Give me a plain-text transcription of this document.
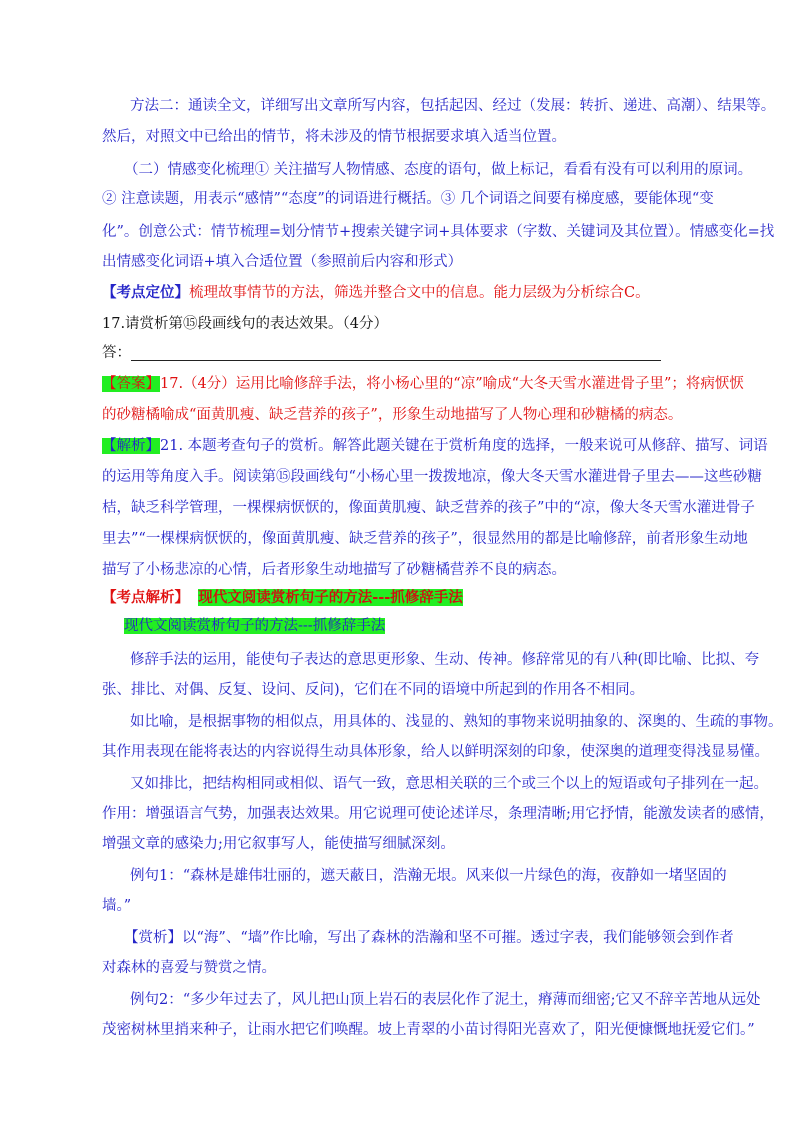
方法二：通读全文，详细写出文章所写内容，包括起因、经过（发展：转折、递进、高潮）、结果等。
然后，对照文中已给出的情节，将未涉及的情节根据要求填入适当位置。
（二）情感变化梳理① 关注描写人物情感、态度的语句，做上标记，看看有没有可以利用的原词。
② 注意读题，用表示“感情”“态度”的词语进行概括。③ 几个词语之间要有梯度感，要能体现“变
化”。创意公式：情节梳理=划分情节+搜索关键字词+具体要求（字数、关键词及其位置）。情感变化=找
出情感变化词语+填入合适位置（参照前后内容和形式）
【考点定位】梳理故事情节的方法，筛选并整合文中的信息。能力层级为分析综合C。
17.请赏析第⑮段画线句的表达效果。（4分）
答：
【答案】17.（4分）运用比喻修辞手法，将小杨心里的“凉”喻成“大冬天雪水灌进骨子里”；将病恹恹
的砂糖橘喻成“面黄肌瘦、缺乏营养的孩子”，形象生动地描写了人物心理和砂糖橘的病态。
【解析】21. 本题考查句子的赏析。解答此题关键在于赏析角度的选择，一般来说可从修辞、描写、词语
的运用等角度入手。阅读第⑮段画线句“小杨心里一拨拨地凉，像大冬天雪水灌进骨子里去——这些砂糖
桔，缺乏科学管理，一棵棵病恹恹的，像面黄肌瘦、缺乏营养的孩子”中的“凉，像大冬天雪水灌进骨子
里去”“一棵棵病恹恹的，像面黄肌瘦、缺乏营养的孩子”，很显然用的都是比喻修辞，前者形象生动地
描写了小杨悲凉的心情，后者形象生动地描写了砂糖橘营养不良的病态。
【考点解析】 现代文阅读赏析句子的方法---抓修辞手法
现代文阅读赏析句子的方法---抓修辞手法
修辞手法的运用，能使句子表达的意思更形象、生动、传神。修辞常见的有八种(即比喻、比拟、夸
张、排比、对偶、反复、设问、反问)，它们在不同的语境中所起到的作用各不相同。
如比喻，是根据事物的相似点，用具体的、浅显的、熟知的事物来说明抽象的、深奥的、生疏的事物。
其作用表现在能将表达的内容说得生动具体形象，给人以鲜明深刻的印象，使深奥的道理变得浅显易懂。
又如排比，把结构相同或相似、语气一致，意思相关联的三个或三个以上的短语或句子排列在一起。
作用：增强语言气势，加强表达效果。用它说理可使论述详尽，条理清晰;用它抒情，能激发读者的感情，
增强文章的感染力;用它叙事写人，能使描写细腻深刻。
例句1：“森林是雄伟壮丽的，遮天蔽日，浩瀚无垠。风来似一片绿色的海，夜静如一堵坚固的
墙。”
【赏析】以“海”、“墙”作比喻，写出了森林的浩瀚和坚不可摧。透过字表，我们能够领会到作者
对森林的喜爱与赞赏之情。
例句2：“多少年过去了，风儿把山顶上岩石的表层化作了泥土，瘠薄而细密;它又不辞辛苦地从远处
茂密树林里捎来种子，让雨水把它们唤醒。坡上青翠的小苗讨得阳光喜欢了，阳光便慷慨地抚爱它们。”
